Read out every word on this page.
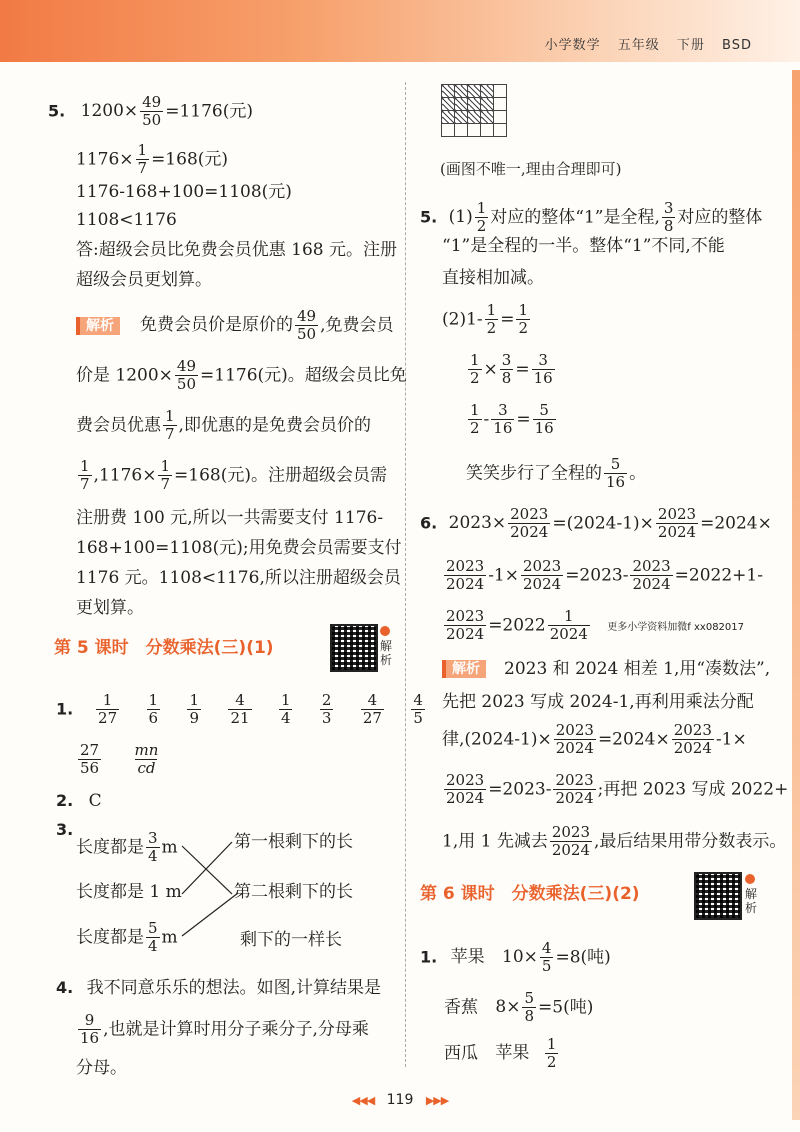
小学数学 五年级 下册 BSD
5. $1200\times \frac{49}{50} =1176$(元)
$1176\times \frac{1}{7} =168$(元)
1176-168+100=1108(元)
1108<1176
答:超级会员比免费会员优惠 168 元。注册
超级会员更划算。
解析 免费会员价是原价的 $\frac{49}{50}$ ,免费会员
价是 $1200\times \frac{49}{50} =1176$(元)。超级会员比免
费会员优惠 $\frac{1}{7}$ ,即优惠的是免费会员价的
$\frac{1}{7} ,1176\times \frac{1}{7} =168$(元)。注册超级会员需
注册费 100 元,所以一共需要支付 1176-
168+100=1108(元);用免费会员需要支付
1176 元。1108<1176,所以注册超级会员
更划算。
第 5 课时　分数乘法(三)(1)	解析
1. $\frac{1}{27}$
$\frac{1}{6}$
$\frac{1}{9}$
$\frac{4}{21}$
$\frac{1}{4}$
$\frac{2}{3}$
$\frac{4}{27}$
$\frac{4}{5}$
$\frac{27}{56}$
$\frac{mn}{cd}$
2. C
3.
长度都是 $\frac{3}{4}$ m
长度都是 1 m
长度都是 $\frac{5}{4}$ m
第一根剩下的长
第二根剩下的长
剩下的一样长
4. 我不同意乐乐的想法。如图,计算结果是
$\frac{9}{16}$ ,也就是计算时用分子乘分子,分母乘
分母。

(画图不唯一,理由合理即可)
5. $(1) \frac{1}{2}$ 对应的整体“1”是全程, $\frac{3}{8}$ 对应的整体
“1”是全程的一半。整体“1”不同,不能
直接相加减。
$(2)1- \frac{1}{2} = \frac{1}{2}$
$\frac{1}{2} \times \frac{3}{8} = \frac{3}{16}$
$\frac{1}{2} - \frac{3}{16} = \frac{5}{16}$
笑笑步行了全程的 $\frac{5}{16}$ 。
6. $2023\times \frac{2023}{2024} =(2024-1)\times \frac{2023}{2024} =2024\times$
$\frac{2023}{2024} -1\times \frac{2023}{2024} =2023- \frac{2023}{2024} =2022+1-$
$\frac{2023}{2024} =2022 \frac{1}{2024}$ 更多小学资料加微f xx082017
解析 2023 和 2024 相差 1,用“凑数法”,
先把 2023 写成 2024-1,再利用乘法分配
律$,(2024-1)\times \frac{2023}{2024} =2024\times \frac{2023}{2024} -1\times$
$\frac{2023}{2024} =2023- \frac{2023}{2024}$ ;再把 2023 写成 2022+
1,用 1 先减去 $\frac{2023}{2024}$ ,最后结果用带分数表示。
第 6 课时　分数乘法(三)(2)	解析
1. 苹果 $10\times \frac{4}{5} =8$(吨)
香蕉 $8\times \frac{5}{8} =5$(吨)
西瓜 苹果 $\frac{1}{2}$
◀◀◀ 119 ▶▶▶
